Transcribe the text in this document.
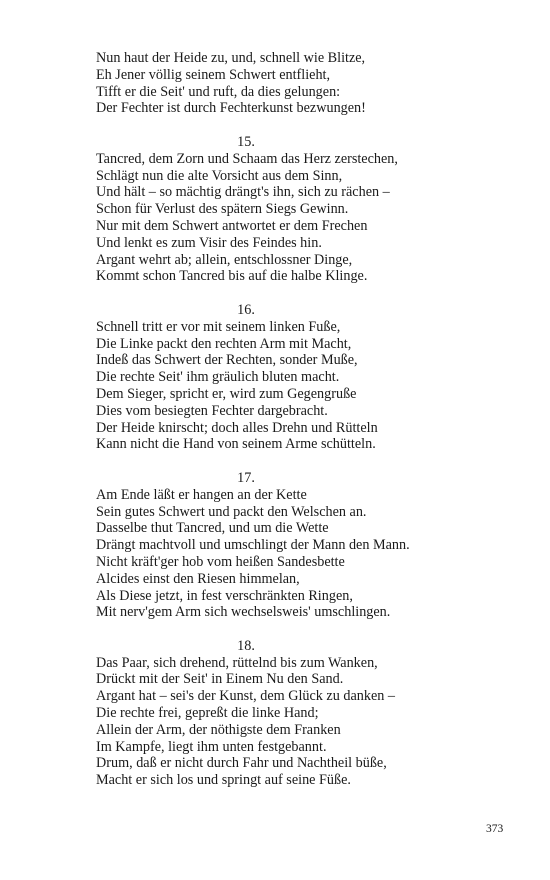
Nun haut der Heide zu, und, schnell wie Blitze,
Eh Jener völlig seinem Schwert entflieht,
Tifft er die Seit' und ruft, da dies gelungen:
Der Fechter ist durch Fechterkunst bezwungen!
15.
Tancred, dem Zorn und Schaam das Herz zerstechen,
Schlägt nun die alte Vorsicht aus dem Sinn,
Und hält – so mächtig drängt's ihn, sich zu rächen –
Schon für Verlust des spätern Siegs Gewinn.
Nur mit dem Schwert antwortet er dem Frechen
Und lenkt es zum Visir des Feindes hin.
Argant wehrt ab; allein, entschlossner Dinge,
Kommt schon Tancred bis auf die halbe Klinge.
16.
Schnell tritt er vor mit seinem linken Fuße,
Die Linke packt den rechten Arm mit Macht,
Indeß das Schwert der Rechten, sonder Muße,
Die rechte Seit' ihm gräulich bluten macht.
Dem Sieger, spricht er, wird zum Gegengruße
Dies vom besiegten Fechter dargebracht.
Der Heide knirscht; doch alles Drehn und Rütteln
Kann nicht die Hand von seinem Arme schütteln.
17.
Am Ende läßt er hangen an der Kette
Sein gutes Schwert und packt den Welschen an.
Dasselbe thut Tancred, und um die Wette
Drängt machtvoll und umschlingt der Mann den Mann.
Nicht kräft'ger hob vom heißen Sandesbette
Alcides einst den Riesen himmelan,
Als Diese jetzt, in fest verschränkten Ringen,
Mit nerv'gem Arm sich wechselsweis' umschlingen.
18.
Das Paar, sich drehend, rüttelnd bis zum Wanken,
Drückt mit der Seit' in Einem Nu den Sand.
Argant hat – sei's der Kunst, dem Glück zu danken –
Die rechte frei, gepreßt die linke Hand;
Allein der Arm, der nöthigste dem Franken
Im Kampfe, liegt ihm unten festgebannt.
Drum, daß er nicht durch Fahr und Nachtheil büße,
Macht er sich los und springt auf seine Füße.
373
